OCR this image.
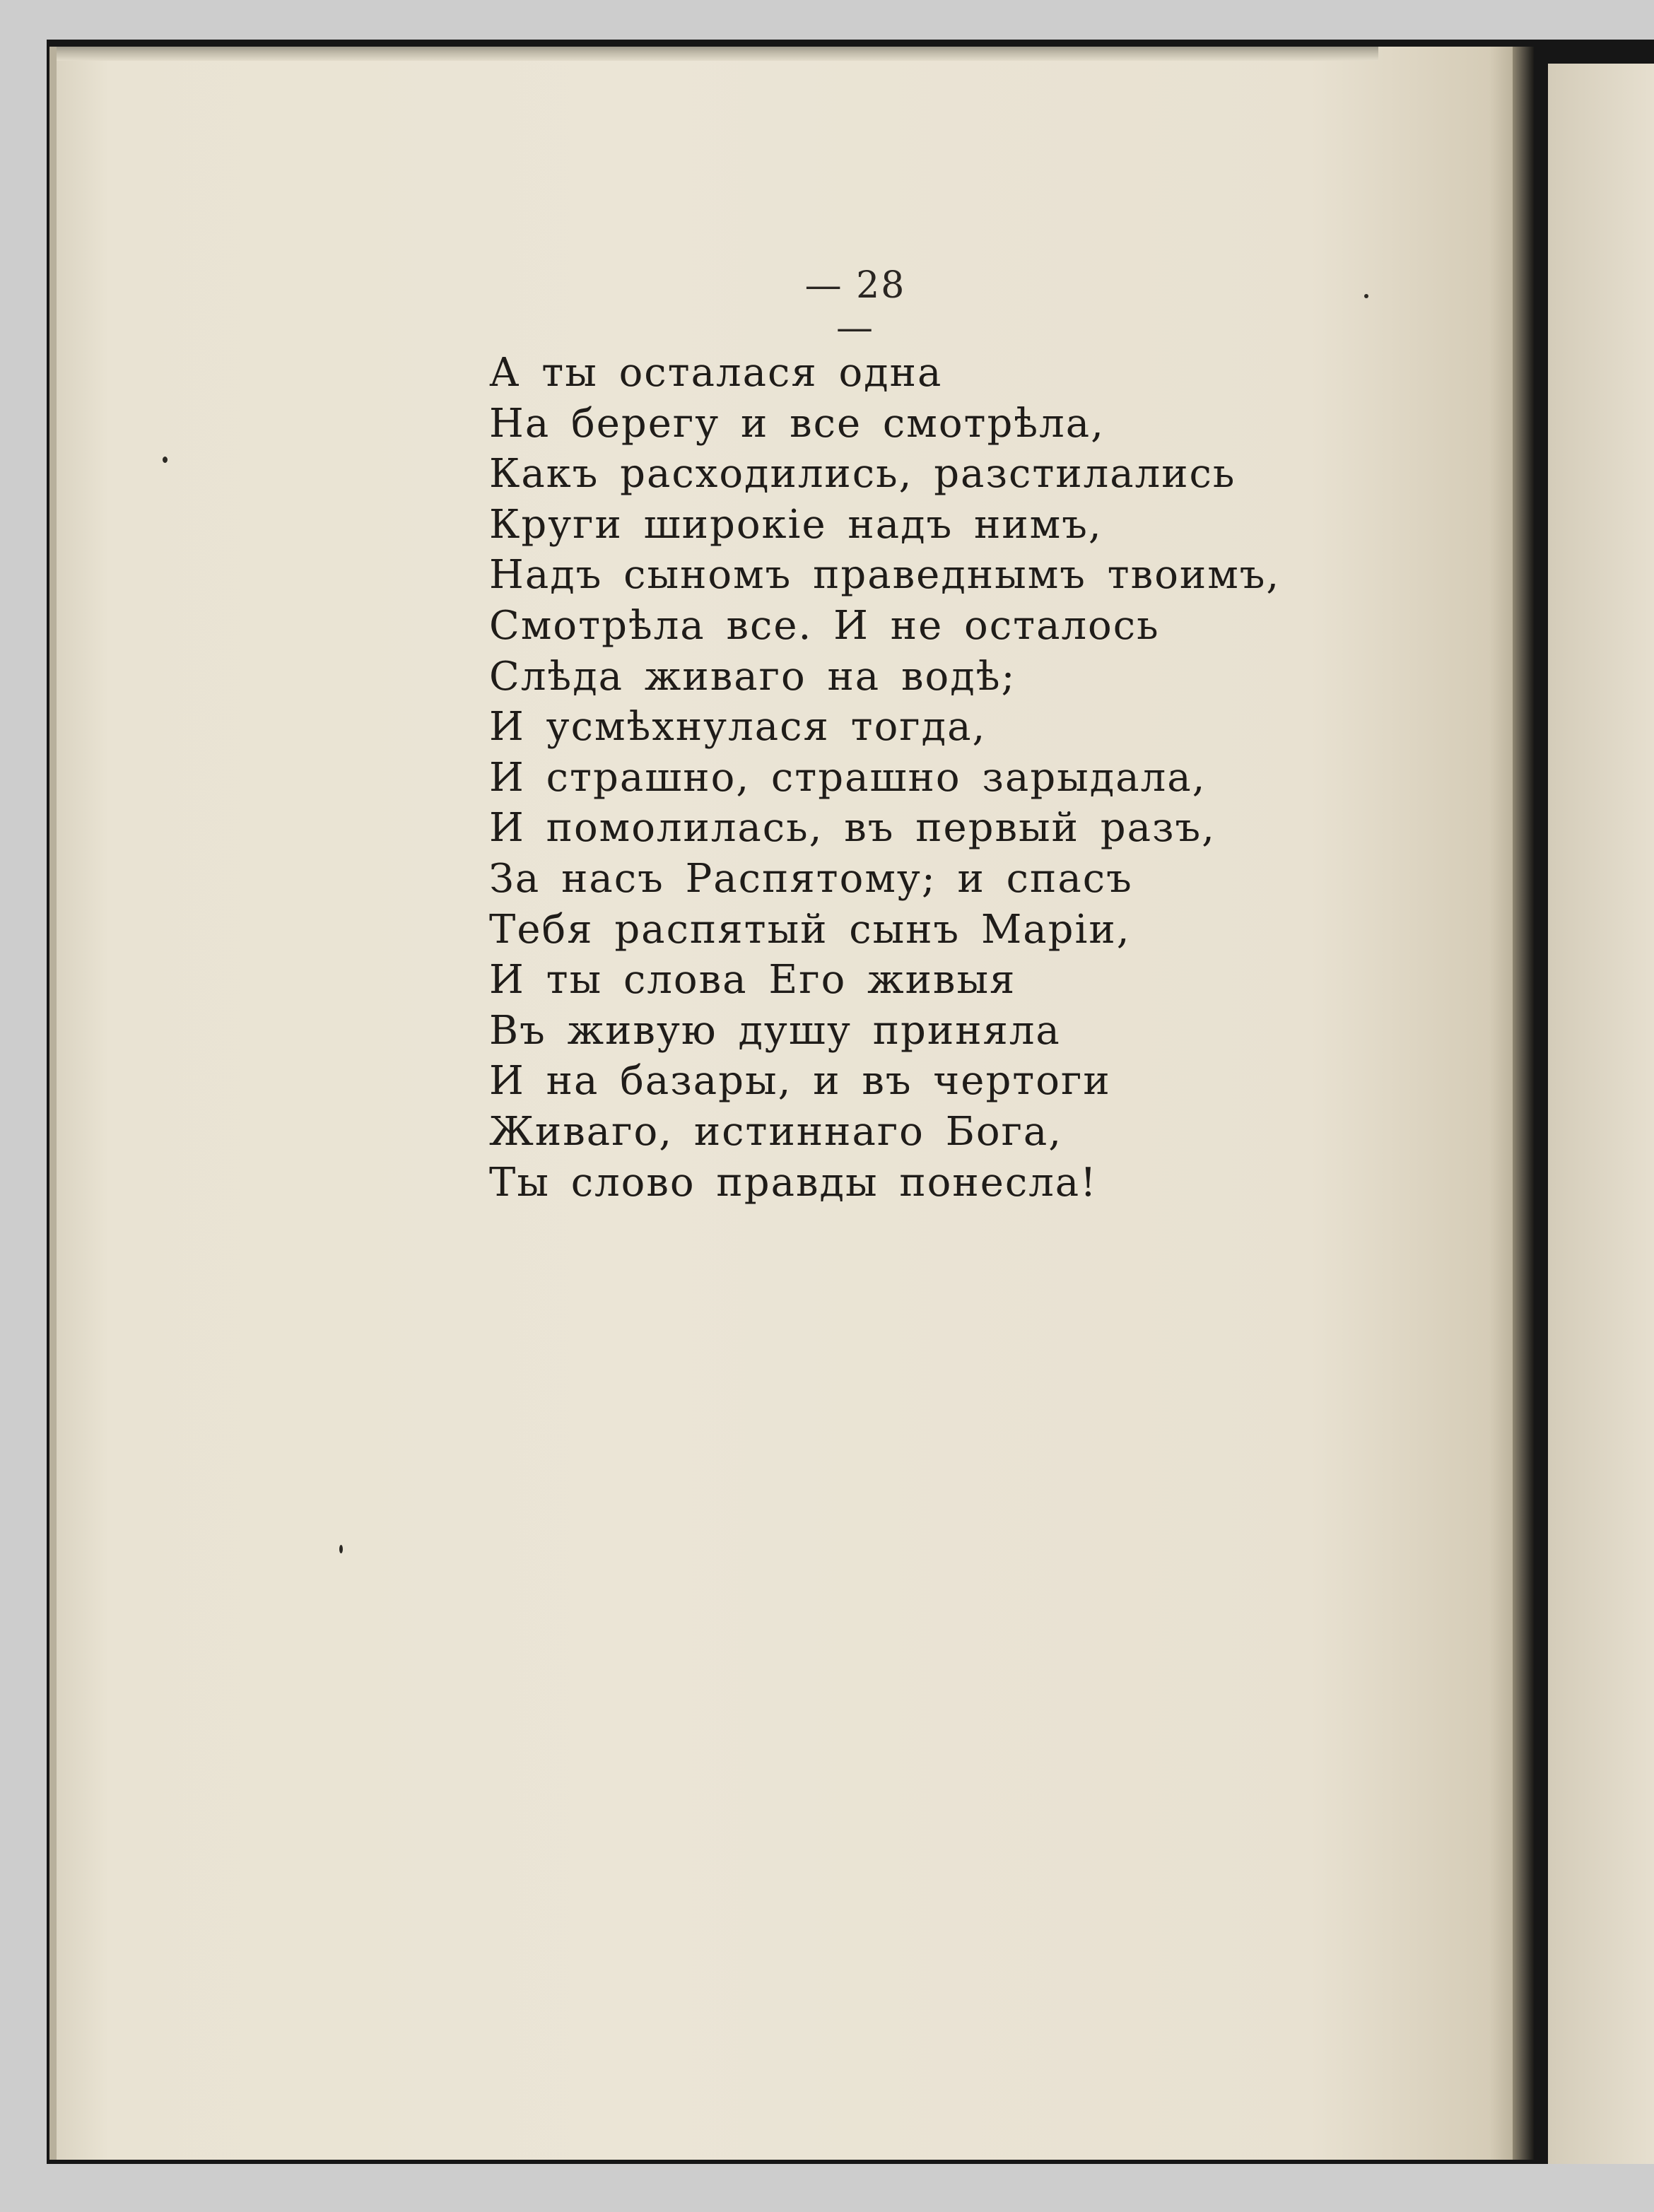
— 28 —
А ты осталася одна
На берегу и все смотрѣла,
Какъ расходились, разстилались
Круги широкіе надъ нимъ,
Надъ сыномъ праведнымъ твоимъ,
Смотрѣла все. И не осталось
Слѣда живаго на водѣ;
И усмѣхнулася тогда,
И страшно, страшно зарыдала,
И помолилась, въ первый разъ,
За насъ Распятому; и спасъ
Тебя распятый сынъ Маріи,
И ты слова Его живыя
Въ живую душу приняла
И на базары, и въ чертоги
Живаго, истиннаго Бога,
Ты слово правды понесла!
